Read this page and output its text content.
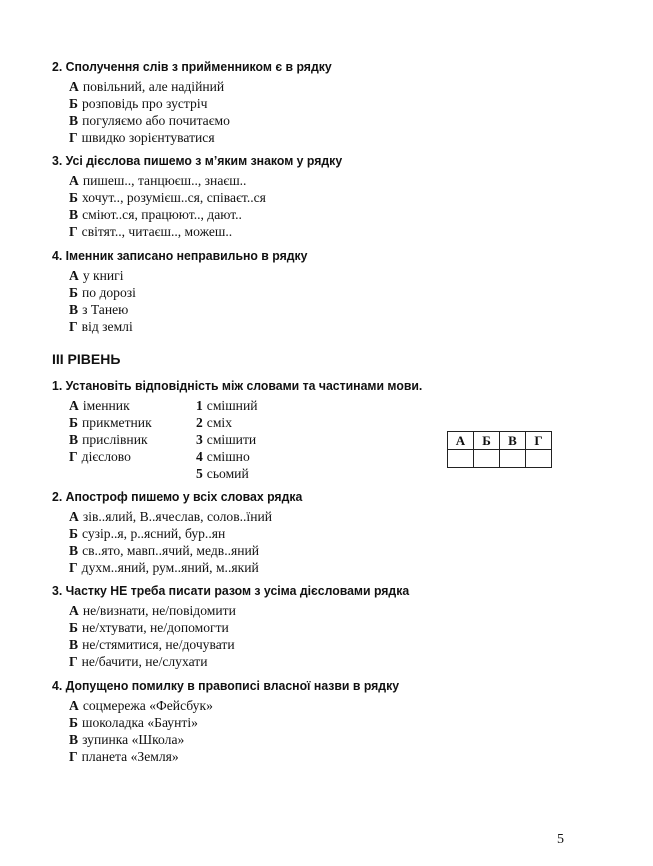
2. Сполучення слів з прийменником є в рядку
А повільний, але надійний
Б розповідь про зустріч
В погуляємо або почитаємо
Г швидко зорієнтуватися
3. Усі дієслова пишемо з м’яким знаком у рядку
А пишеш.., танцюєш.., знаєш..
Б хочут.., розумієш..ся, співаєт..ся
В сміют..ся, працюют.., дают..
Г світят.., читаєш.., можеш..
4. Іменник записано неправильно в рядку
А у книгі
Б по дорозі
В з Танею
Г від землі
ІІІ РІВЕНЬ
1. Установіть відповідність між словами та частинами мови.
А іменник
Б прикметник
В прислівник
Г дієслово
1 смішний
2 сміх
3 смішити
4 смішно
5 сьомий
А	Б	В	Г

2. Апостроф пишемо у всіх словах рядка
А зів..ялий, В..ячеслав, солов..їний
Б сузір..я, р..ясний, бур..ян
В св..ято, мавп..ячий, медв..яний
Г духм..яний, рум..яний, м..який
3. Частку НЕ треба писати разом з усіма дієсловами рядка
А не/визнати, не/повідомити
Б не/хтувати, не/допомогти
В не/стямитися, не/дочувати
Г не/бачити, не/слухати
4. Допущено помилку в правописі власної назви в рядку
А соцмережа «Фейсбук»
Б шоколадка «Баунті»
В зупинка «Школа»
Г планета «Земля»
5
